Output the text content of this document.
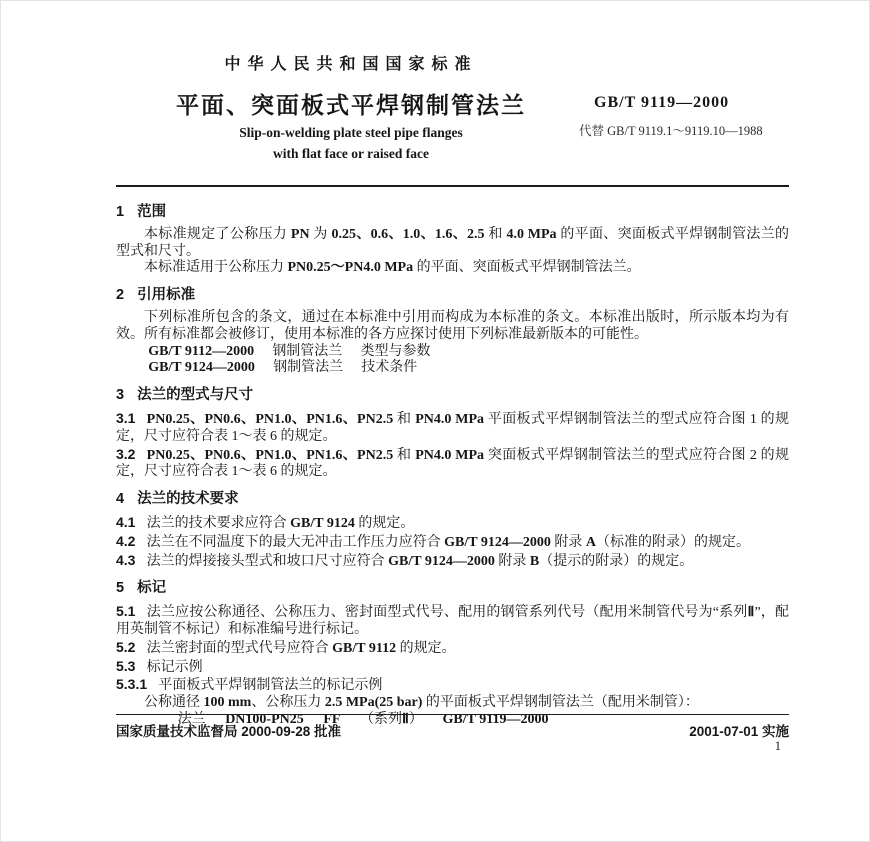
中华人民共和国国家标准
平面、突面板式平焊钢制管法兰
Slip-on-welding plate steel pipe flanges
with flat face or raised face
GB/T 9119—2000
代替 GB/T 9119.1～9119.10—1988
1 范围

本标准规定了公称压力 PN 为 0.25、0.6、1.0、1.6、2.5 和 4.0 MPa 的平面、突面板式平焊钢制管法兰的型式和尺寸。

本标准适用于公称压力 PN0.25～PN4.0 MPa 的平面、突面板式平焊钢制管法兰。

2 引用标准

下列标准所包含的条文，通过在本标准中引用而构成为本标准的条文。本标准出版时，所示版本均为有效。所有标准都会被修订，使用本标准的各方应探讨使用下列标准最新版本的可能性。

GB/T 9112—2000 钢制管法兰 类型与参数

GB/T 9124—2000 钢制管法兰 技术条件

3 法兰的型式与尺寸

3.1 PN0.25、PN0.6、PN1.0、PN1.6、PN2.5 和 PN4.0 MPa 平面板式平焊钢制管法兰的型式应符合图 1 的规定，尺寸应符合表 1～表 6 的规定。

3.2 PN0.25、PN0.6、PN1.0、PN1.6、PN2.5 和 PN4.0 MPa 突面板式平焊钢制管法兰的型式应符合图 2 的规定，尺寸应符合表 1～表 6 的规定。

4 法兰的技术要求

4.1 法兰的技术要求应符合 GB/T 9124 的规定。

4.2 法兰在不同温度下的最大无冲击工作压力应符合 GB/T 9124—2000 附录 A（标准的附录）的规定。

4.3 法兰的焊接接头型式和坡口尺寸应符合 GB/T 9124—2000 附录 B（提示的附录）的规定。

5 标记

5.1 法兰应按公称通径、公称压力、密封面型式代号、配用的钢管系列代号（配用米制管代号为“系列Ⅱ”，配用英制管不标记）和标准编号进行标记。

5.2 法兰密封面的型式代号应符合 GB/T 9112 的规定。

5.3 标记示例

5.3.1 平面板式平焊钢制管法兰的标记示例

公称通径 100 mm、公称压力 2.5 MPa(25 bar) 的平面板式平焊钢制管法兰（配用米制管）：

法兰 DN100-PN25 FF （系列Ⅱ） GB/T 9119—2000

国家质量技术监督局 2000-09-28 批准	2001-07-01 实施
1
